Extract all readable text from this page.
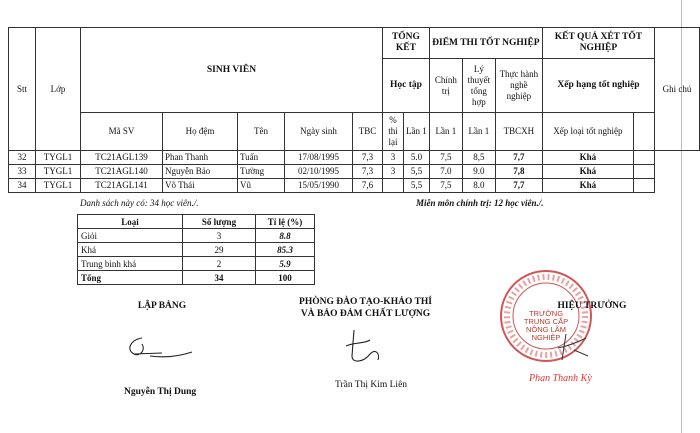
Stt	Lớp	SINH VIÊN					TỔNG KẾT		ĐIỂM THI TỐT NGHIỆP			KẾT QUẢ XÉT TỐT NGHIỆP		Ghi chú
							Học tập		Chính trị	Lý thuyết tổng hợp	Thực hành nghề nghiệp	Xếp hạng tốt nghiệp		
		Mã SV	Họ đệm	Tên	Ngày sinh	TBC	% thi lại	Lần 1	Lần 1	Lần 1	TBCXH	Xếp loại tốt nghiệp		
32	TYGL1	TC21AGL139	Phan Thanh	Tuấn	17/08/1995	7,3	3	5.0	7,5	8,5	7,7	Khá		
33	TYGL1	TC21AGL140	Nguyễn Bảo	Tường	02/10/1995	7,3	3	5,5	7.0	9.0	7,8	Khá		
34	TYGL1	TC21AGL141	Võ Thái	Vũ	15/05/1990	7,6		5,5	7,5	8.0	7,7	Khá		
Danh sách này có: 34 học viên./.	Miễn môn chính trị: 12 học viên./.
Loại	Số lượng	Tỉ lệ (%)
Giỏi	3	8.8
Khá	29	85.3
Trung bình khá	2	5.9
Tổng	34	100
LẬP BẢNG
Nguyễn Thị Dung
PHÒNG ĐÀO TẠO-KHẢO THÍ
VÀ BẢO ĐẢM CHẤT LƯỢNG
Trần Thị Kim Liên
TRƯỜNG TRUNG CẤP NÔNG LÂM NGHIỆP
HIỆU TRƯỞNG
Phan Thanh Kỳ
